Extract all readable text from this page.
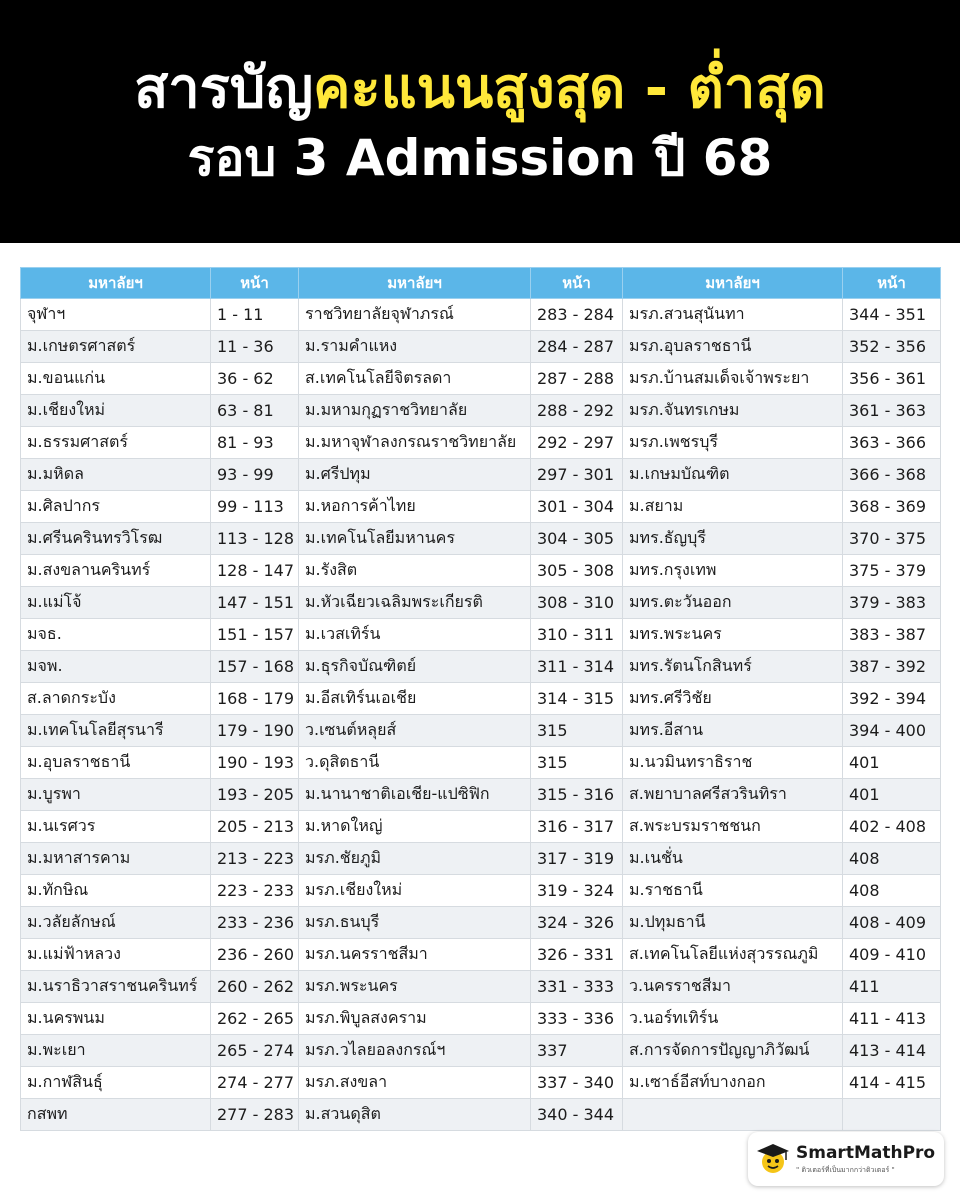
สารบัญคะแนนสูงสุด - ต่ำสุด
รอบ 3 Admission ปี 68
มหาลัยฯ	หน้า	มหาลัยฯ	หน้า	มหาลัยฯ	หน้า
จุฬาฯ	1 - 11	ราชวิทยาลัยจุฬาภรณ์	283 - 284	มรภ.สวนสุนันทา	344 - 351
ม.เกษตรศาสตร์	11 - 36	ม.รามคำแหง	284 - 287	มรภ.อุบลราชธานี	352 - 356
ม.ขอนแก่น	36 - 62	ส.เทคโนโลยีจิตรลดา	287 - 288	มรภ.บ้านสมเด็จเจ้าพระยา	356 - 361
ม.เชียงใหม่	63 - 81	ม.มหามกุฏราชวิทยาลัย	288 - 292	มรภ.จันทรเกษม	361 - 363
ม.ธรรมศาสตร์	81 - 93	ม.มหาจุฬาลงกรณราชวิทยาลัย	292 - 297	มรภ.เพชรบุรี	363 - 366
ม.มหิดล	93 - 99	ม.ศรีปทุม	297 - 301	ม.เกษมบัณฑิต	366 - 368
ม.ศิลปากร	99 - 113	ม.หอการค้าไทย	301 - 304	ม.สยาม	368 - 369
ม.ศรีนครินทรวิโรฒ	113 - 128	ม.เทคโนโลยีมหานคร	304 - 305	มทร.ธัญบุรี	370 - 375
ม.สงขลานครินทร์	128 - 147	ม.รังสิต	305 - 308	มทร.กรุงเทพ	375 - 379
ม.แม่โจ้	147 - 151	ม.หัวเฉียวเฉลิมพระเกียรติ	308 - 310	มทร.ตะวันออก	379 - 383
มจธ.	151 - 157	ม.เวสเทิร์น	310 - 311	มทร.พระนคร	383 - 387
มจพ.	157 - 168	ม.ธุรกิจบัณฑิตย์	311 - 314	มทร.รัตนโกสินทร์	387 - 392
ส.ลาดกระบัง	168 - 179	ม.อีสเทิร์นเอเชีย	314 - 315	มทร.ศรีวิชัย	392 - 394
ม.เทคโนโลยีสุรนารี	179 - 190	ว.เซนต์หลุยส์	315	มทร.อีสาน	394 - 400
ม.อุบลราชธานี	190 - 193	ว.ดุสิตธานี	315	ม.นวมินทราธิราช	401
ม.บูรพา	193 - 205	ม.นานาชาติเอเชีย-แปซิฟิก	315 - 316	ส.พยาบาลศรีสวรินทิรา	401
ม.นเรศวร	205 - 213	ม.หาดใหญ่	316 - 317	ส.พระบรมราชชนก	402 - 408
ม.มหาสารคาม	213 - 223	มรภ.ชัยภูมิ	317 - 319	ม.เนชั่น	408
ม.ทักษิณ	223 - 233	มรภ.เชียงใหม่	319 - 324	ม.ราชธานี	408
ม.วลัยลักษณ์	233 - 236	มรภ.ธนบุรี	324 - 326	ม.ปทุมธานี	408 - 409
ม.แม่ฟ้าหลวง	236 - 260	มรภ.นครราชสีมา	326 - 331	ส.เทคโนโลยีแห่งสุวรรณภูมิ	409 - 410
ม.นราธิวาสราชนครินทร์	260 - 262	มรภ.พระนคร	331 - 333	ว.นครราชสีมา	411
ม.นครพนม	262 - 265	มรภ.พิบูลสงคราม	333 - 336	ว.นอร์ทเทิร์น	411 - 413
ม.พะเยา	265 - 274	มรภ.วไลยอลงกรณ์ฯ	337	ส.การจัดการปัญญาภิวัฒน์	413 - 414
ม.กาฬสินธุ์	274 - 277	มรภ.สงขลา	337 - 340	ม.เซาธ์อีสท์บางกอก	414 - 415
กสพท	277 - 283	ม.สวนดุสิต	340 - 344		
SmartMathPro
" ติวเตอร์ที่เป็นมากกว่าติวเตอร์ "
